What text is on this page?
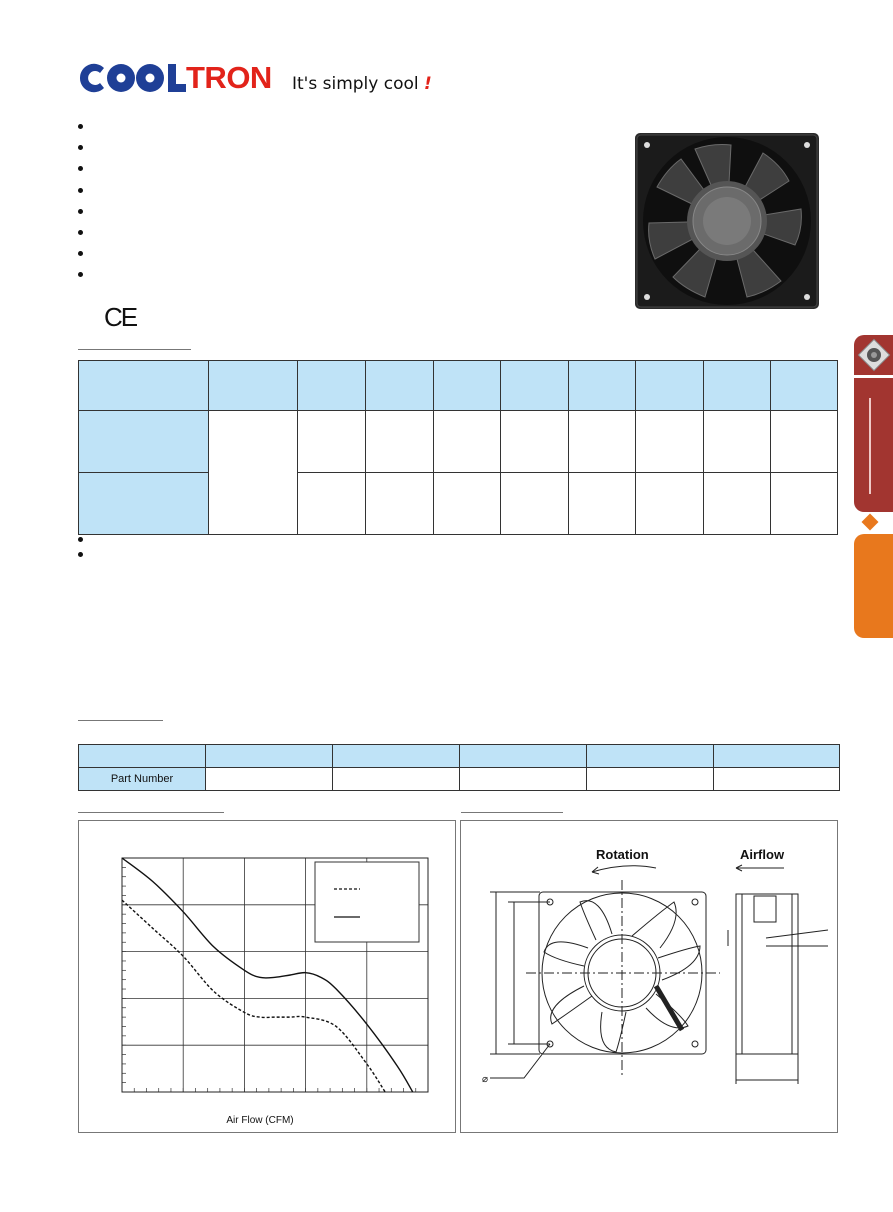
TRON It's simply cool !
CE

Part Number					
Air Flow (CFM)
Rotation	Airflow
⌀
